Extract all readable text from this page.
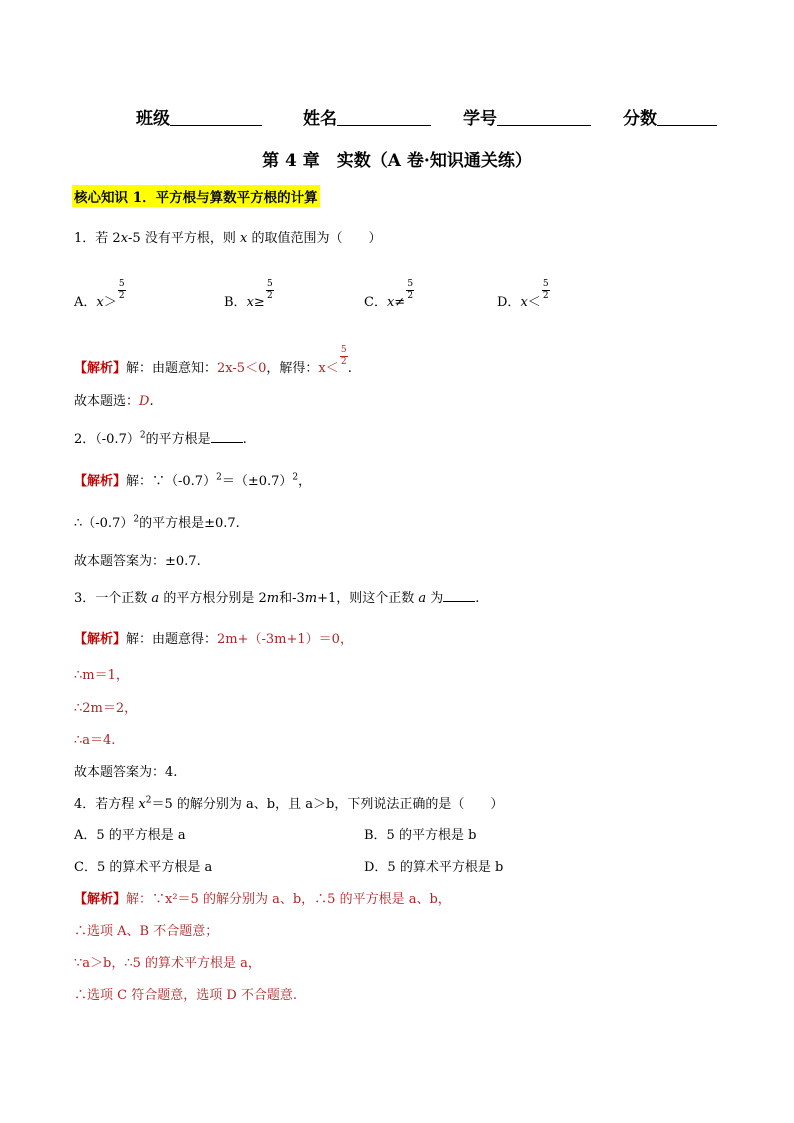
班级	姓名	学号	分数
第 4 章　实数（A 卷·知识通关练）
核心知识 1．平方根与算数平方根的计算
1．若 2x-5 没有平方根，则 x 的取值范围为（　　）
A．x＞
$\frac{5}{2}$
B．x≥
$\frac{5}{2}$
C．x≠
$\frac{5}{2}$
D．x＜
$\frac{5}{2}$
【解析】解：由题意知：2x-5＜0，解得：x＜
$\frac{5}{2}$
.
故本题选：D.
2．$(-0.7)^2$的平方根是 .
【解析】解：$\because(-0.7)^2=(\pm 0.7)^2$，
$\therefore(-0.7)^2$的平方根是±0.7.
故本题答案为：±0.7.
3．一个正数 a 的平方根分别是 2m和-3m+1，则这个正数 a 为 .
【解析】解：由题意得：2m+（-3m+1）＝0，
∴m＝1，
∴2m＝2，
∴a＝4.
故本题答案为：4.
4．若方程 $x^2=5$ 的解分别为 a、b，且 a＞b，下列说法正确的是（　　）
A．5 的平方根是 a	B．5 的平方根是 b
C．5 的算术平方根是 a	D．5 的算术平方根是 b
【解析】解：∵x²＝5 的解分别为 a、b，∴5 的平方根是 a、b，
∴选项 A、B 不合题意；
∵a＞b，∴5 的算术平方根是 a，
∴选项 C 符合题意，选项 D 不合题意.
